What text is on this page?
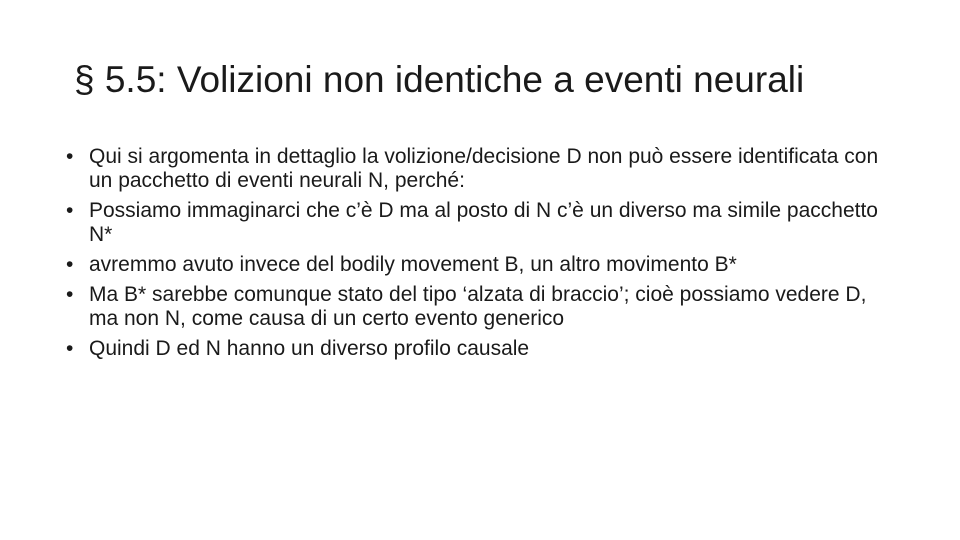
§ 5.5: Volizioni non identiche a eventi neurali
• Qui si argomenta in dettaglio la volizione/decisione D non può essere identificata con un pacchetto di eventi neurali N, perché:
• Possiamo immaginarci che c’è D ma al posto di N c’è un diverso ma simile pacchetto N*
• avremmo avuto invece del bodily movement B, un altro movimento B*
• Ma B* sarebbe comunque stato del tipo ‘alzata di braccio’; cioè possiamo vedere D, ma non N, come causa di un certo evento generico
• Quindi D ed N hanno un diverso profilo causale
